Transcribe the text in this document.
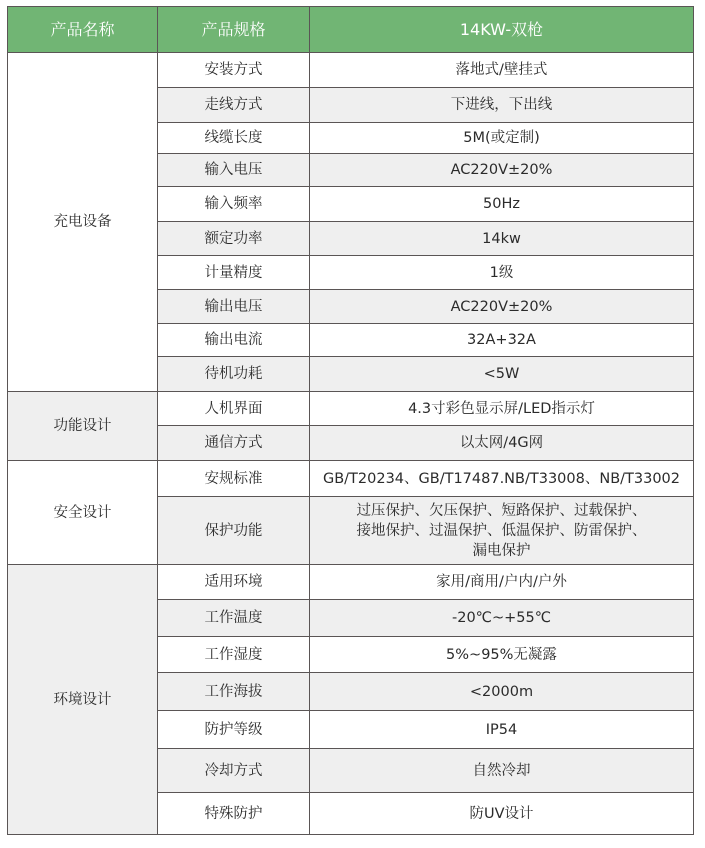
产品名称	产品规格	14KW-双枪
充电设备	安装方式	落地式/壁挂式
	走线方式	下进线，下出线
	线缆长度	5M(或定制)
	输入电压	AC220V±20%
	输入频率	50Hz
	额定功率	14kw
	计量精度	1级
	输出电压	AC220V±20%
	输出电流	32A+32A
	待机功耗	<5W
功能设计	人机界面	4.3寸彩色显示屏/LED指示灯
	通信方式	以太网/4G网
安全设计	安规标准	GB/T20234、GB/T17487.NB/T33008、NB/T33002
	保护功能	过压保护、欠压保护、短路保护、过载保护、
接地保护、过温保护、低温保护、防雷保护、
漏电保护

环境设计	适用环境	家用/商用/户内/户外
	工作温度	-20℃~+55℃
	工作湿度	5%~95%无凝露
	工作海拔	<2000m
	防护等级	IP54
	冷却方式	自然冷却
	特殊防护	防UV设计
